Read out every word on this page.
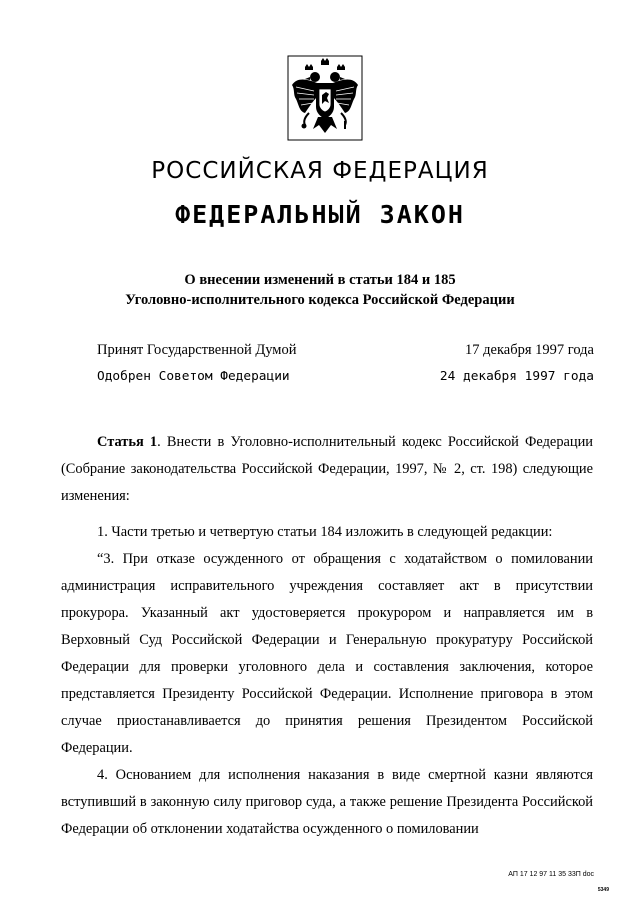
РОССИЙСКАЯ ФЕДЕРАЦИЯ
ФЕДЕРАЛЬНЫЙ ЗАКОН
О внесении изменений в статьи 184 и 185
Уголовно-исполнительного кодекса Российской Федерации
Принят Государственной Думой	17 декабря 1997 года
Одобрен Советом Федерации	24 декабря 1997 года

Статья 1. Внести в Уголовно-исполнительный кодекс Российской Федерации (Собрание законодательства Российской Федерации, 1997, № 2, ст. 198) следующие изменения:

1. Части третью и четвертую статьи 184 изложить в следующей редакции:

“3. При отказе осужденного от обращения с ходатайством о помиловании администрация исправительного учреждения составляет акт в присутствии прокурора. Указанный акт удостоверяется прокурором и направляется им в Верховный Суд Российской Федерации и Генеральную прокуратуру Российской Федерации для проверки уголовного дела и составления заключения, которое представляется Президенту Российской Федерации. Исполнение приговора в этом случае приостанавливается до принятия решения Президентом Российской Федерации.

4. Основанием для исполнения наказания в виде смертной казни являются вступивший в законную силу приговор суда, а также решение Президента Российской Федерации об отклонении ходатайства осужденного о помиловании

АП 17 12 97 11 35 33П doc
5349
